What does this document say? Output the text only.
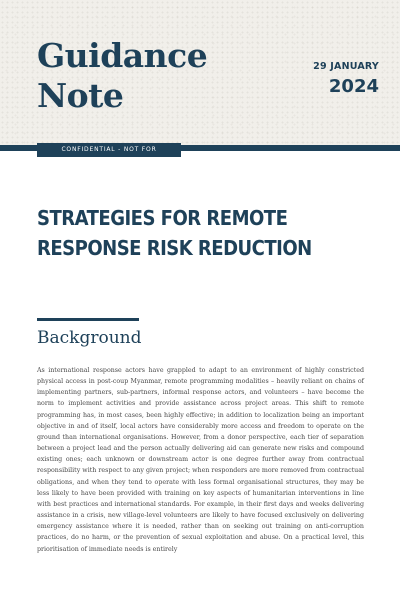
Guidance
Note
29 JANUARY
2024
CONFIDENTIAL - NOT FOR DISTRIBUTION
STRATEGIES FOR REMOTE
RESPONSE RISK REDUCTION
Background

As international response actors have grappled to adapt to an environment of highly constricted physical access in post-coup Myanmar, remote programming modalities – heavily reliant on chains of implementing partners, sub-partners, informal response actors, and volunteers – have become the norm to implement activities and provide assistance across project areas. This shift to remote programming has, in most cases, been highly effective; in addition to localization being an important objective in and of itself, local actors have considerably more access and freedom to operate on the ground than international organisations. However, from a donor perspective, each tier of separation between a project lead and the person actually delivering aid can generate new risks and compound existing ones; each unknown or downstream actor is one degree further away from contractual responsibility with respect to any given project; when responders are more removed from contractual obligations, and when they tend to operate with less formal organisational structures, they may be less likely to have been provided with training on key aspects of humanitarian interventions in line with best practices and international standards. For example, in their first days and weeks delivering assistance in a crisis, new village-level volunteers are likely to have focused exclusively on delivering emergency assistance where it is needed, rather than on seeking out training on anti-corruption practices, do no harm, or the prevention of sexual exploitation and abuse. On a practical level, this prioritisation of immediate needs is entirely
